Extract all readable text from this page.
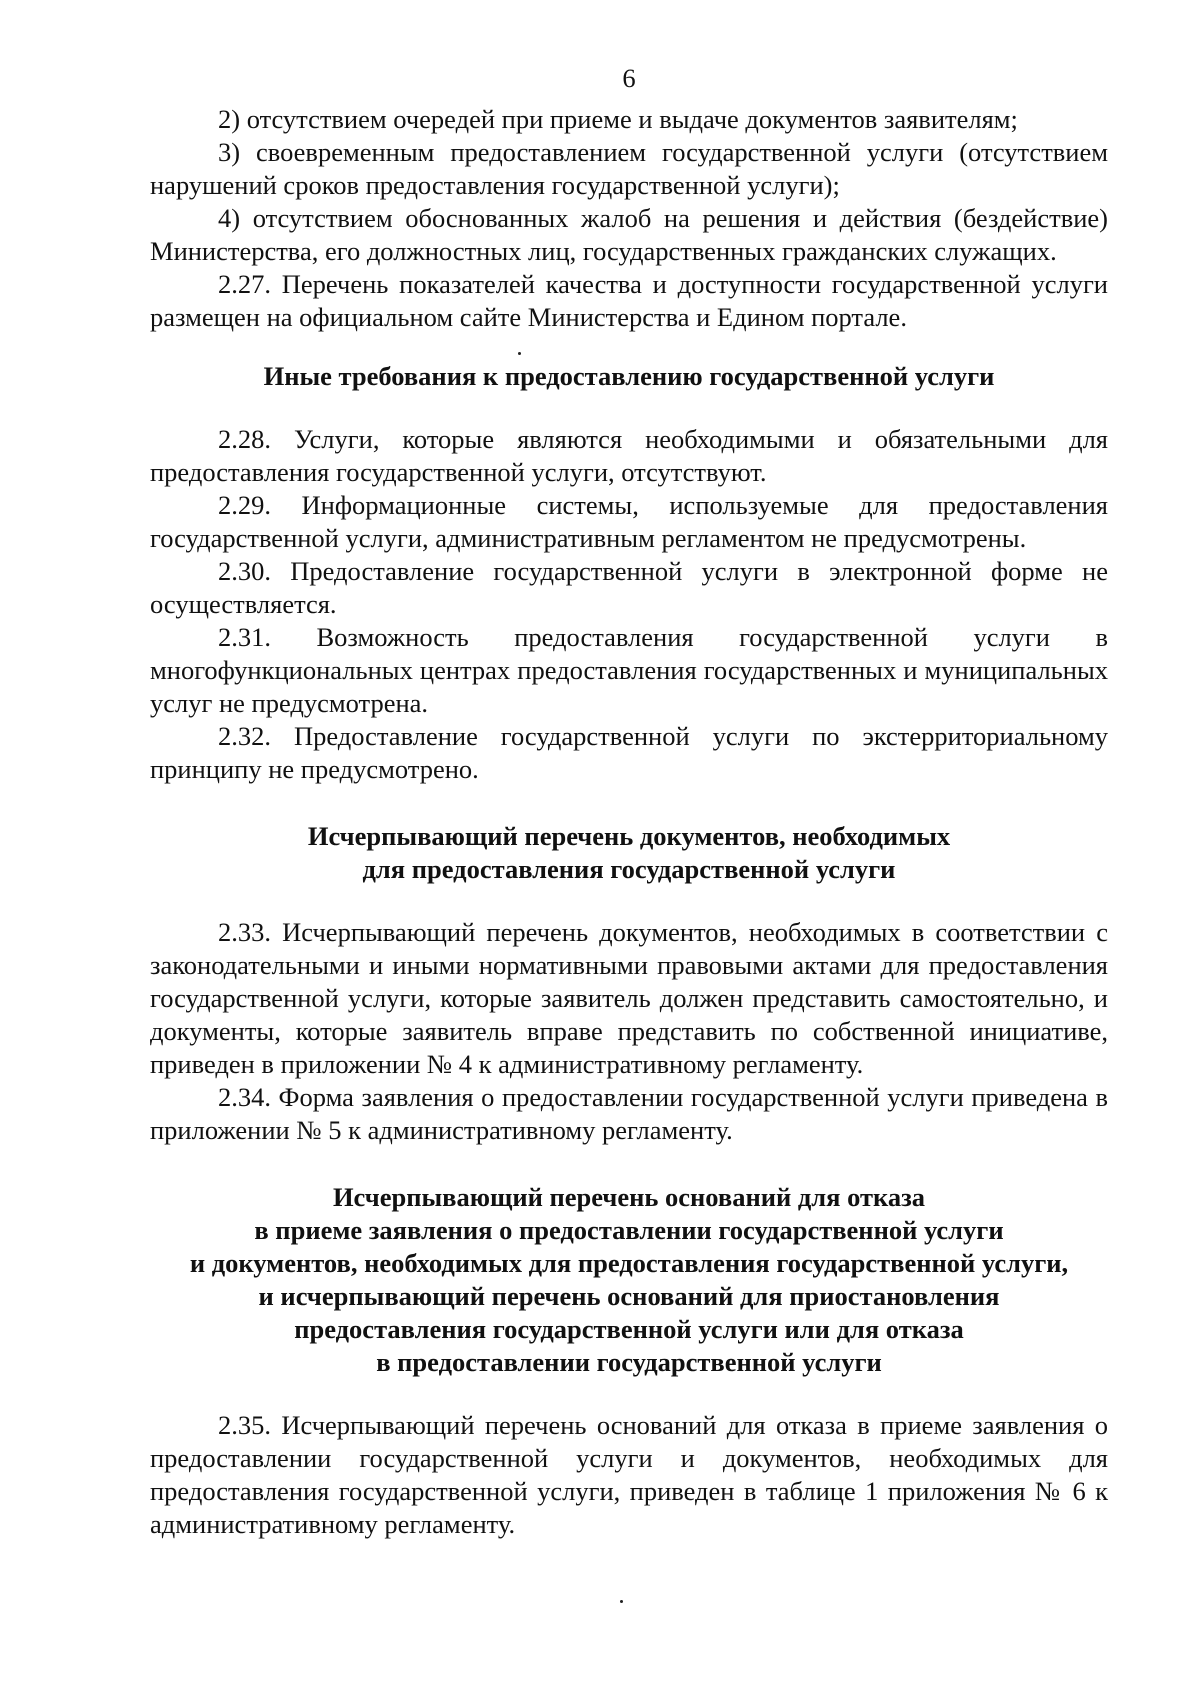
6

2) отсутствием очередей при приеме и выдаче документов заявителям;

3) своевременным предоставлением государственной услуги (отсутствием нарушений сроков предоставления государственной услуги);

4) отсутствием обоснованных жалоб на решения и действия (бездействие) Министерства, его должностных лиц, государственных гражданских служащих.

2.27. Перечень показателей качества и доступности государственной услуги размещен на официальном сайте Министерства и Едином портале.

Иные требования к предоставлению государственной услуги

2.28. Услуги, которые являются необходимыми и обязательными для предоставления государственной услуги, отсутствуют.

2.29. Информационные системы, используемые для предоставления государственной услуги, административным регламентом не предусмотрены.

2.30. Предоставление государственной услуги в электронной форме не осуществляется.

2.31. Возможность предоставления государственной услуги в многофункциональных центрах предоставления государственных и муниципальных услуг не предусмотрена.

2.32. Предоставление государственной услуги по экстерриториальному принципу не предусмотрено.

Исчерпывающий перечень документов, необходимых
для предоставления государственной услуги

2.33. Исчерпывающий перечень документов, необходимых в соответствии с законодательными и иными нормативными правовыми актами для предоставления государственной услуги, которые заявитель должен представить самостоятельно, и документы, которые заявитель вправе представить по собственной инициативе, приведен в приложении № 4 к административному регламенту.

2.34. Форма заявления о предоставлении государственной услуги приведена в приложении № 5 к административному регламенту.

Исчерпывающий перечень оснований для отказа
в приеме заявления о предоставлении государственной услуги
и документов, необходимых для предоставления государственной услуги,
и исчерпывающий перечень оснований для приостановления
предоставления государственной услуги или для отказа
в предоставлении государственной услуги

2.35. Исчерпывающий перечень оснований для отказа в приеме заявления о предоставлении государственной услуги и документов, необходимых для предоставления государственной услуги, приведен в таблице 1 приложения № 6 к административному регламенту.
